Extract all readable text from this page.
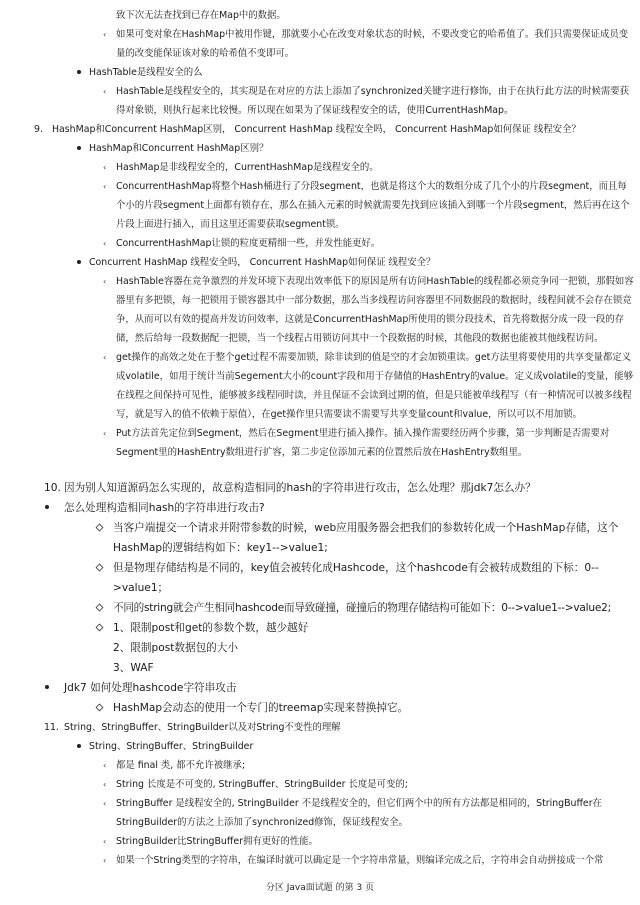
致下次无法查找到已存在Map中的数据。
‹ 如果可变对象在HashMap中被用作键，那就要小心在改变对象状态的时候，不要改变它的哈希值了。我们只需要保证成员变量的改变能保证该对象的哈希值不变即可。
HashTable是线程安全的么
‹ HashTable是线程安全的，其实现是在对应的方法上添加了synchronized关键字进行修饰，由于在执行此方法的时候需要获得对象锁，则执行起来比较慢。所以现在如果为了保证线程安全的话，使用CurrentHashMap。
9. HashMap和Concurrent HashMap区别， Concurrent HashMap 线程安全吗， Concurrent HashMap如何保证 线程安全？
HashMap和Concurrent HashMap区别？
‹ HashMap是非线程安全的，CurrentHashMap是线程安全的。
‹ ConcurrentHashMap将整个Hash桶进行了分段segment，也就是将这个大的数组分成了几个小的片段segment，而且每个小的片段segment上面都有锁存在，那么在插入元素的时候就需要先找到应该插入到哪一个片段segment，然后再在这个片段上面进行插入，而且这里还需要获取segment锁。
‹ ConcurrentHashMap让锁的粒度更精细一些，并发性能更好。
Concurrent HashMap 线程安全吗， Concurrent HashMap如何保证 线程安全？
‹ HashTable容器在竞争激烈的并发环境下表现出效率低下的原因是所有访问HashTable的线程都必须竞争同一把锁，那假如容器里有多把锁，每一把锁用于锁容器其中一部分数据，那么当多线程访问容器里不同数据段的数据时，线程间就不会存在锁竞争，从而可以有效的提高并发访问效率，这就是ConcurrentHashMap所使用的锁分段技术，首先将数据分成一段一段的存储，然后给每一段数据配一把锁，当一个线程占用锁访问其中一个段数据的时候，其他段的数据也能被其他线程访问。
‹ get操作的高效之处在于整个get过程不需要加锁，除非读到的值是空的才会加锁重读。get方法里将要使用的共享变量都定义成volatile，如用于统计当前Segement大小的count字段和用于存储值的HashEntry的value。定义成volatile的变量，能够在线程之间保持可见性，能够被多线程同时读，并且保证不会读到过期的值，但是只能被单线程写（有一种情况可以被多线程写，就是写入的值不依赖于原值），在get操作里只需要读不需要写共享变量count和value，所以可以不用加锁。
‹ Put方法首先定位到Segment，然后在Segment里进行插入操作。插入操作需要经历两个步骤，第一步判断是否需要对Segment里的HashEntry数组进行扩容，第二步定位添加元素的位置然后放在HashEntry数组里。
10. 因为别人知道源码怎么实现的，故意构造相同的hash的字符串进行攻击，怎么处理？那jdk7怎么办？
怎么处理构造相同hash的字符串进行攻击?
当客户端提交一个请求并附带参数的时候，web应用服务器会把我们的参数转化成一个HashMap存储，这个HashMap的逻辑结构如下：key1-->value1;
但是物理存储结构是不同的，key值会被转化成Hashcode，这个hashcode有会被转成数组的下标：0-->value1；
不同的string就会产生相同hashcode而导致碰撞，碰撞后的物理存储结构可能如下：0-->value1-->value2;
1、限制post和get的参数个数，越少越好
2、限制post数据包的大小
3、WAF
Jdk7 如何处理hashcode字符串攻击
HashMap会动态的使用一个专门的treemap实现来替换掉它。
11. String、StringBuffer、StringBuilder以及对String不变性的理解
String、StringBuffer、StringBuilder
‹ 都是 final 类, 都不允许被继承;
‹ String 长度是不可变的, StringBuffer、StringBuilder 长度是可变的;
‹ StringBuffer 是线程安全的, StringBuilder 不是线程安全的，但它们两个中的所有方法都是相同的，StringBuffer在StringBuilder的方法之上添加了synchronized修饰，保证线程安全。
‹ StringBuilder比StringBuffer拥有更好的性能。
‹ 如果一个String类型的字符串，在编译时就可以确定是一个字符串常量，则编译完成之后，字符串会自动拼接成一个常
分区 Java面试题 的第 3 页
